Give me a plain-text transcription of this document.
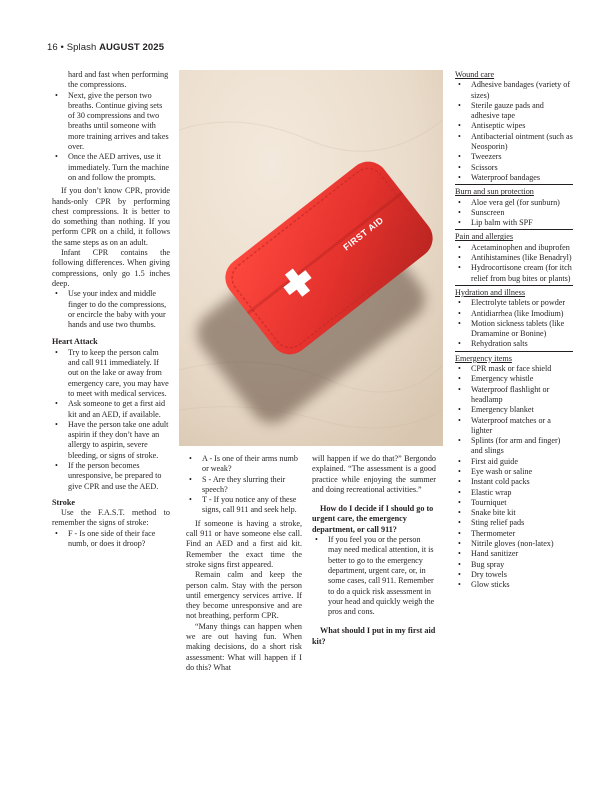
16 • Splash AUGUST 2025
hard and fast when performing the compressions.
• Next, give the person two breaths. Continue giving sets of 30 compressions and two breaths until someone with more training arrives and takes over.
• Once the AED arrives, use it immediately. Turn the machine on and follow the prompts.

If you don’t know CPR, provide hands-only CPR by performing chest compressions. It is better to do something than nothing. If you perform CPR on a child, it follows the same steps as on an adult.

Infant CPR contains the following differences. When giving compressions, only go 1.5 inches deep.

• Use your index and middle finger to do the compressions, or encircle the baby with your hands and use two thumbs.
Heart Attack
• Try to keep the person calm and call 911 immediately. If out on the lake or away from emergency care, you may have to meet with medical services.
• Ask someone to get a first aid kit and an AED, if available.
• Have the person take one adult aspirin if they don’t have an allergy to aspirin, severe bleeding, or signs of stroke.
• If the person becomes unresponsive, be prepared to give CPR and use the AED.
Stroke

Use the F.A.S.T. method to remember the signs of stroke:

• F - Is one side of their face numb, or does it droop?
FIRST AID
• A - Is one of their arms numb or weak?
• S - Are they slurring their speech?
• T - If you notice any of these signs, call 911 and seek help.

If someone is having a stroke, call 911 or have someone else call. Find an AED and a first aid kit. Remember the exact time the stroke signs first appeared.

Remain calm and keep the person calm. Stay with the person until emergency services arrive. If they become unresponsive and are not breathing, perform CPR.

“Many things can happen when we are out having fun. When making decisions, do a short risk assessment: What will happen if I do this? What

will happen if we do that?” Bergondo explained. “The assessment is a good practice while enjoying the summer and doing recreational activities.”

How do I decide if I should go to urgent care, the emergency department, or call 911?
• If you feel you or the person may need medical attention, it is better to go to the emergency department, urgent care, or, in some cases, call 911. Remember to do a quick risk assessment in your head and quickly weigh the pros and cons.
What should I put in my first aid kit?
Wound care
• Adhesive bandages (variety of sizes)
• Sterile gauze pads and adhesive tape
• Antiseptic wipes
• Antibacterial ointment (such as Neosporin)
• Tweezers
• Scissors
• Waterproof bandages
Burn and sun protection
• Aloe vera gel (for sunburn)
• Sunscreen
• Lip balm with SPF
Pain and allergies
• Acetaminophen and ibuprofen
• Antihistamines (like Benadryl)
• Hydrocortisone cream (for itch relief from bug bites or plants)
Hydration and illness
• Electrolyte tablets or powder
• Antidiarrhea (like Imodium)
• Motion sickness tablets (like Dramamine or Bonine)
• Rehydration salts
Emergency items
• CPR mask or face shield
• Emergency whistle
• Waterproof flashlight or headlamp
• Emergency blanket
• Waterproof matches or a lighter
• Splints (for arm and finger) and slings
• First aid guide
• Eye wash or saline
• Instant cold packs
• Elastic wrap
• Tourniquet
• Snake bite kit
• Sting relief pads
• Thermometer
• Nitrile gloves (non-latex)
• Hand sanitizer
• Bug spray
• Dry towels
• Glow sticks
